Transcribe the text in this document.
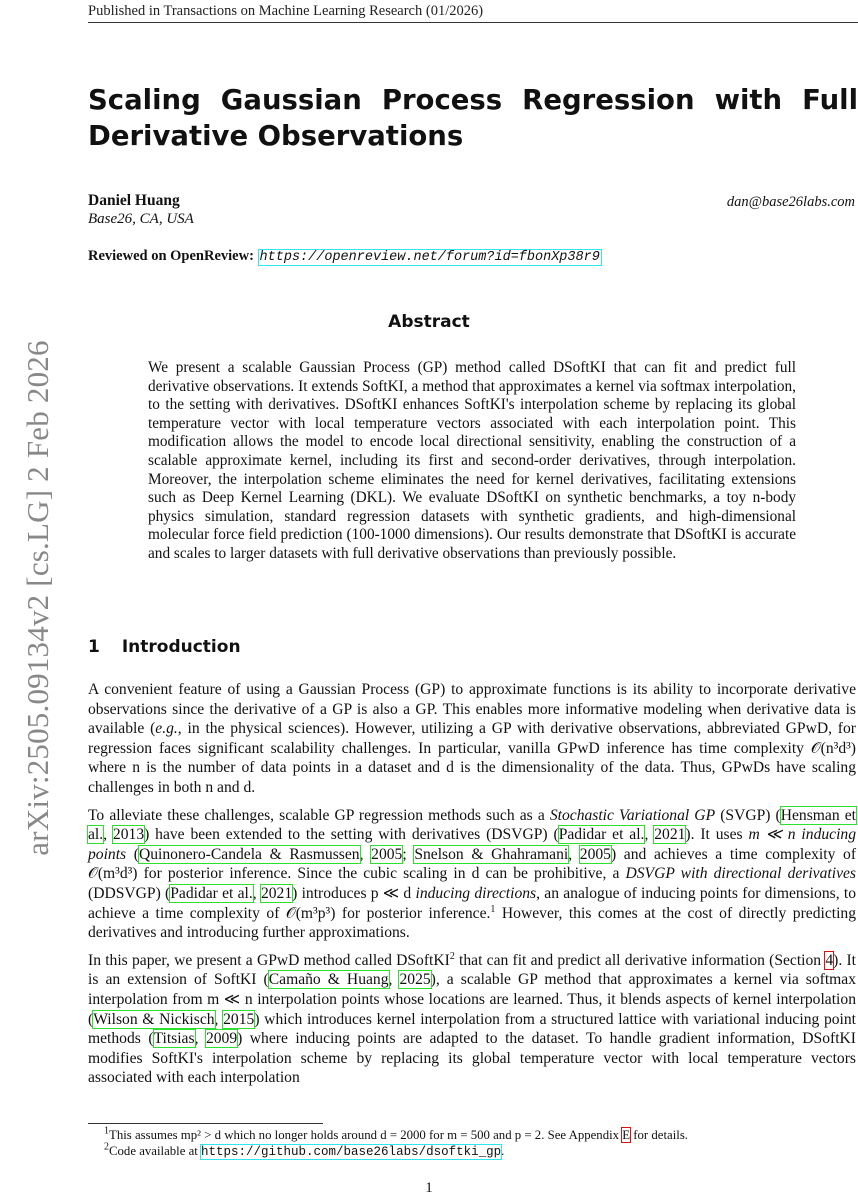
Published in Transactions on Machine Learning Research (01/2026)
arXiv:2505.09134v2 [cs.LG] 2 Feb 2026
Scaling Gaussian Process Regression with Full Derivative Observations
Daniel Huang
Base26, CA, USA
dan@base26labs.com
Reviewed on OpenReview: https://openreview.net/forum?id=fbonXp38r9
Abstract
We present a scalable Gaussian Process (GP) method called DSoftKI that can fit and predict full derivative observations. It extends SoftKI, a method that approximates a kernel via softmax interpolation, to the setting with derivatives. DSoftKI enhances SoftKI's interpolation scheme by replacing its global temperature vector with local temperature vectors associated with each interpolation point. This modification allows the model to encode local directional sensitivity, enabling the construction of a scalable approximate kernel, including its first and second-order derivatives, through interpolation. Moreover, the interpolation scheme eliminates the need for kernel derivatives, facilitating extensions such as Deep Kernel Learning (DKL). We evaluate DSoftKI on synthetic benchmarks, a toy n-body physics simulation, standard regression datasets with synthetic gradients, and high-dimensional molecular force field prediction (100-1000 dimensions). Our results demonstrate that DSoftKI is accurate and scales to larger datasets with full derivative observations than previously possible.
1 Introduction

A convenient feature of using a Gaussian Process (GP) to approximate functions is its ability to incorporate derivative observations since the derivative of a GP is also a GP. This enables more informative modeling when derivative data is available (e.g., in the physical sciences). However, utilizing a GP with derivative observations, abbreviated GPwD, for regression faces significant scalability challenges. In particular, vanilla GPwD inference has time complexity 𝒪(n³d³) where n is the number of data points in a dataset and d is the dimensionality of the data. Thus, GPwDs have scaling challenges in both n and d.

To alleviate these challenges, scalable GP regression methods such as a Stochastic Variational GP (SVGP) (Hensman et al., 2013) have been extended to the setting with derivatives (DSVGP) (Padidar et al., 2021). It uses m ≪ n inducing points (Quinonero-Candela & Rasmussen, 2005; Snelson & Ghahramani, 2005) and achieves a time complexity of 𝒪(m³d³) for posterior inference. Since the cubic scaling in d can be prohibitive, a DSVGP with directional derivatives (DDSVGP) (Padidar et al., 2021) introduces p ≪ d inducing directions, an analogue of inducing points for dimensions, to achieve a time complexity of 𝒪(m³p³) for posterior inference.$^1$ However, this comes at the cost of directly predicting derivatives and introducing further approximations.

In this paper, we present a GPwD method called DSoftKI$^2$ that can fit and predict all derivative information (Section 4). It is an extension of SoftKI (Camaño & Huang, 2025), a scalable GP method that approximates a kernel via softmax interpolation from m ≪ n interpolation points whose locations are learned. Thus, it blends aspects of kernel interpolation (Wilson & Nickisch, 2015) which introduces kernel interpolation from a structured lattice with variational inducing point methods (Titsias, 2009) where inducing points are adapted to the dataset. To handle gradient information, DSoftKI modifies SoftKI's interpolation scheme by replacing its global temperature vector with local temperature vectors associated with each interpolation

$^1$This assumes mp² > d which no longer holds around d = 2000 for m = 500 and p = 2. See Appendix E for details.
$^2$Code available at https://github.com/base26labs/dsoftki_gp.
1
